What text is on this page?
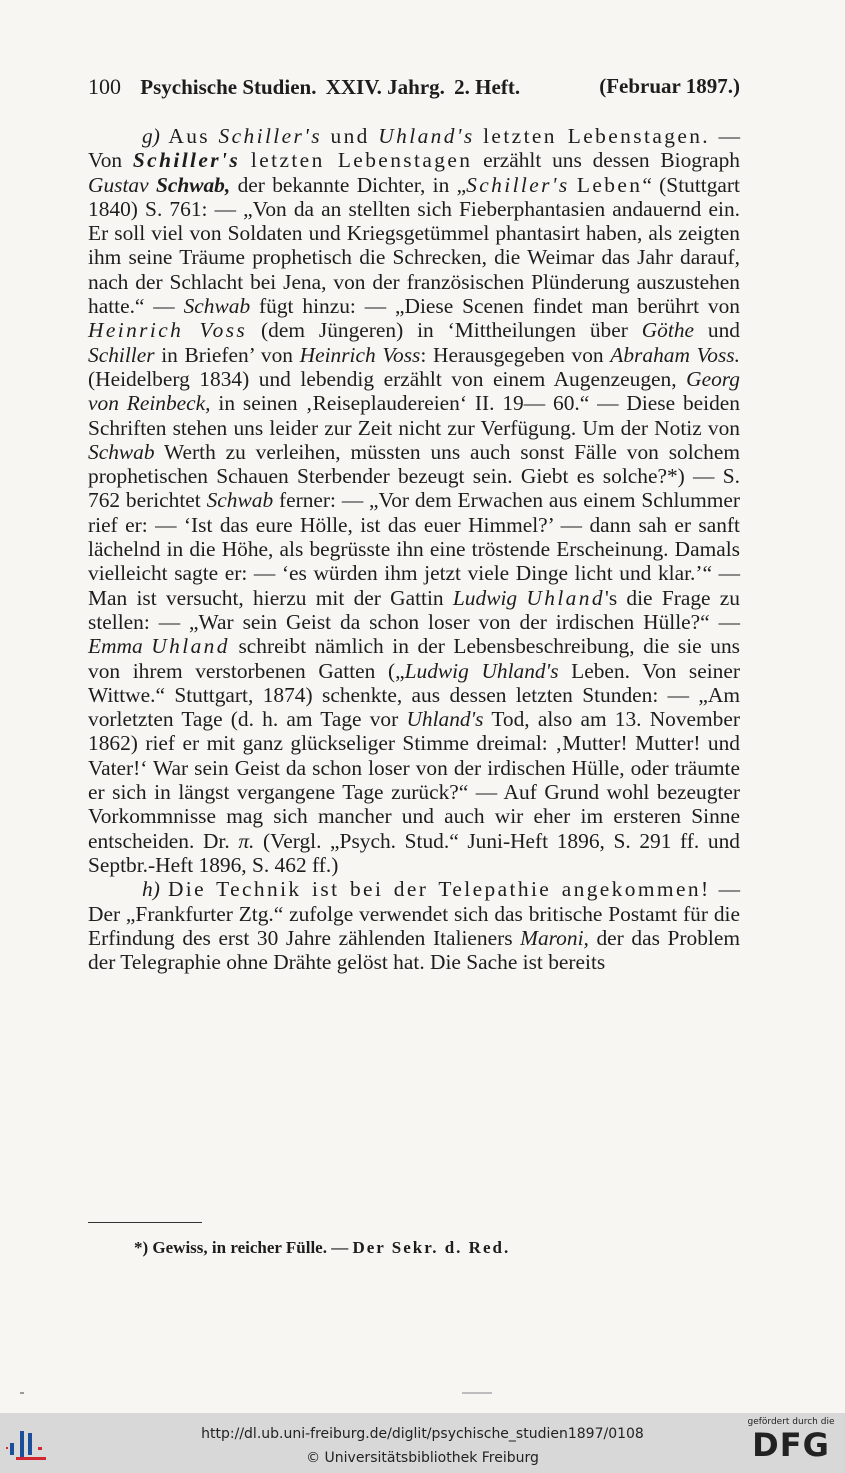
100 Psychische Studien. XXIV. Jahrg. 2. Heft.	(Februar 1897.)

g) Aus Schiller's und Uhland's letzten Lebenstagen. — Von Schiller's letzten Lebenstagen erzählt uns dessen Biograph Gustav Schwab, der bekannte Dichter, in „Schiller's Leben“ (Stuttgart 1840) S. 761: — „Von da an stellten sich Fieberphantasien andauernd ein. Er soll viel von Soldaten und Kriegsgetümmel phantasirt haben, als zeigten ihm seine Träume prophetisch die Schrecken, die Weimar das Jahr darauf, nach der Schlacht bei Jena, von der französischen Plünderung auszustehen hatte.“ — Schwab fügt hinzu: — „Diese Scenen findet man berührt von Heinrich Voss (dem Jüngeren) in ‘Mittheilungen über Göthe und Schiller in Briefen’ von Heinrich Voss: Herausgegeben von Abraham Voss. (Heidelberg 1834) und lebendig erzählt von einem Augenzeugen, Georg von Reinbeck, in seinen ‚Reiseplaudereien‘ II. 19— 60.“ — Diese beiden Schriften stehen uns leider zur Zeit nicht zur Verfügung. Um der Notiz von Schwab Werth zu verleihen, müssten uns auch sonst Fälle von solchem prophetischen Schauen Sterbender bezeugt sein. Giebt es solche?*) — S. 762 berichtet Schwab ferner: — „Vor dem Erwachen aus einem Schlummer rief er: — ‘Ist das eure Hölle, ist das euer Himmel?’ — dann sah er sanft lächelnd in die Höhe, als begrüsste ihn eine tröstende Erscheinung. Damals vielleicht sagte er: — ‘es würden ihm jetzt viele Dinge licht und klar.’“ — Man ist versucht, hierzu mit der Gattin Ludwig Uhland's die Frage zu stellen: — „War sein Geist da schon loser von der irdischen Hülle?“ — Emma Uhland schreibt nämlich in der Lebensbeschreibung, die sie uns von ihrem verstorbenen Gatten („Ludwig Uhland's Leben. Von seiner Wittwe.“ Stuttgart, 1874) schenkte, aus dessen letzten Stunden: — „Am vorletzten Tage (d. h. am Tage vor Uhland's Tod, also am 13. November 1862) rief er mit ganz glückseliger Stimme dreimal: ‚Mutter! Mutter! und Vater!‘ War sein Geist da schon loser von der irdischen Hülle, oder träumte er sich in längst vergangene Tage zurück?“ — Auf Grund wohl bezeugter Vorkommnisse mag sich mancher und auch wir eher im ersteren Sinne entscheiden. Dr. π. (Vergl. „Psych. Stud.“ Juni-Heft 1896, S. 291 ff. und Septbr.-Heft 1896, S. 462 ff.)

h) Die Technik ist bei der Telepathie angekommen! — Der „Frankfurter Ztg.“ zufolge verwendet sich das britische Postamt für die Erfindung des erst 30 Jahre zählenden Italieners Maroni, der das Problem der Telegraphie ohne Drähte gelöst hat. Die Sache ist bereits

*) Gewiss, in reicher Fülle. — Der Sekr. d. Red.
http://dl.ub.uni-freiburg.de/diglit/psychische_studien1897/0108
© Universitätsbibliothek Freiburg
gefördert durch die
DFG
